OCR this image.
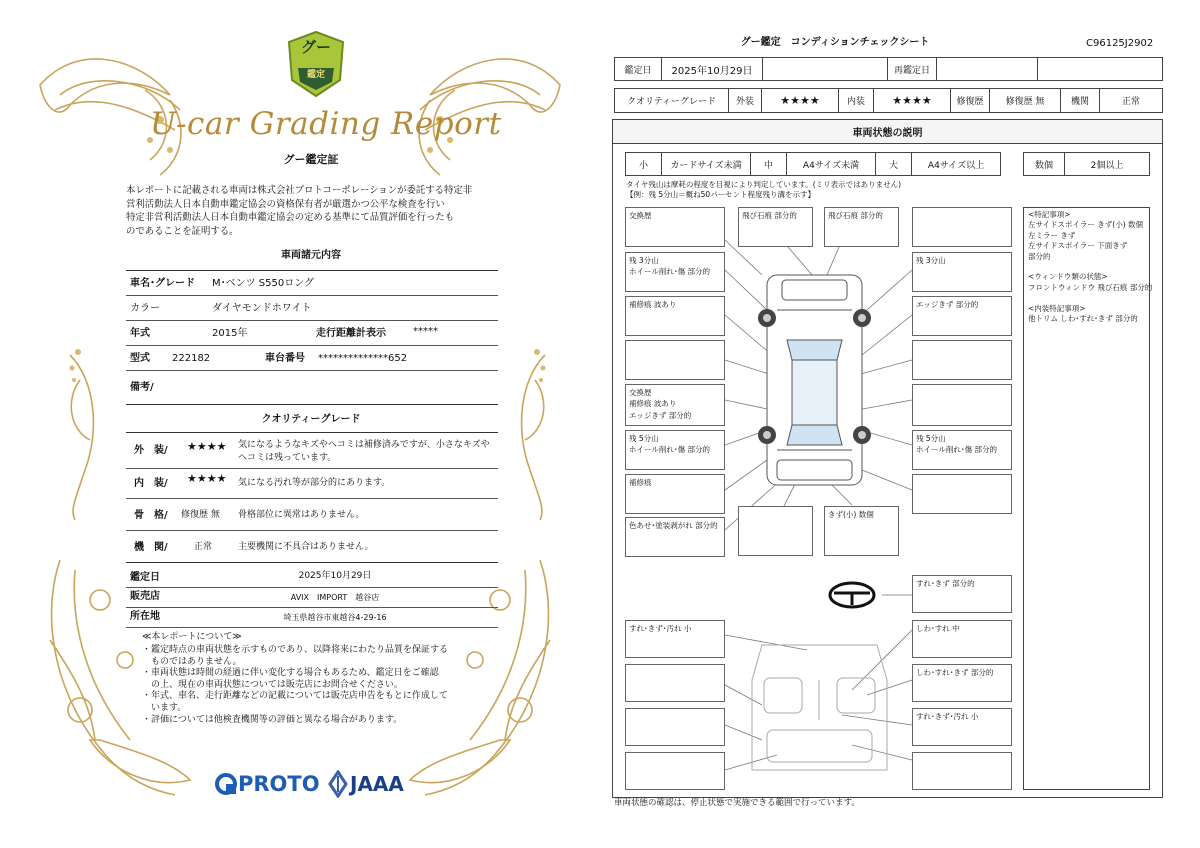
グー
鑑定
U-car Grading Report
グー鑑定証
本レポートに記載される車両は株式会社プロトコーポレーションが委託する特定非
営利活動法人日本自動車鑑定協会の資格保有者が厳選かつ公平な検査を行い
特定非営利活動法人日本自動車鑑定協会の定める基準にて品質評価を行ったも
のであることを証明する。
車両諸元内容
車名･グレード M･ベンツ S550ロング
カラー	ダイヤモンドホワイト
年式	2015年	走行距離計表示	*****
型式 222182	車台番号 **************652
備考/
クオリティーグレード
外　装/ ★★★★ 気になるようなキズやヘコミは補修済みですが、小さなキズや
ヘコミは残っています。
内　装/ ★★★★ 気になる汚れ等が部分的にあります。
骨　格/ 修復歴 無 骨格部位に異常はありません。
機　関/	正常	主要機関に不具合はありません。
鑑定日	2025年10月29日
販売店	AVIX　IMPORT　越谷店
所在地	埼玉県越谷市東越谷4-29-16
≪本レポートについて≫
・鑑定時点の車両状態を示すものであり、以降将来にわたり品質を保証する
　ものではありません。
・車両状態は時間の経過に伴い変化する場合もあるため、鑑定日をご確認
　の上、現在の車両状態については販売店にお問合せください。
・年式、車名、走行距離などの記載については販売店申告をもとに作成して
　います。
・評価については他検査機関等の評価と異なる場合があります。
PROTO JAAA
グー鑑定　コンディションチェックシート	C96125J2902
鑑定日	2025年10月29日	再鑑定日
クオリティーグレード	外装	★★★★	内装	★★★★	修復歴	修復歴 無	機関	正常
車両状態の説明
小	カードサイズ未満	中	A4サイズ未満	大	A4サイズ以上	数個	2個以上
タイヤ残山は摩耗の程度を目視により判定しています。(ミリ表示ではありません)
【例：残 5分山＝概ね50パーセント程度残り溝を示す】
<特記事項>
左サイドスポイラー きず(小) 数個
左ミラー きず
左サイドスポイラー 下面きず
部分的

<ウィンドウ類の状態>
フロントウィンドウ 飛び石痕 部分的

<内装特記事項>
他トリム しわ･すれ･きず 部分的
交換歴
残 3分山
ホイール削れ･傷 部分的
補修痕 波あり
交換歴
補修痕 波あり
エッジきず 部分的
残 5分山
ホイール削れ･傷 部分的
補修痕
色あせ･塗装剥がれ 部分的
飛び石痕 部分的	飛び石痕 部分的
きず(小) 数個
残 3分山
エッジきず 部分的
残 5分山
ホイール削れ･傷 部分的
すれ･きず 部分的
すれ･きず･汚れ 小	しわ･すれ 中
しわ･すれ･きず 部分的
すれ･きず･汚れ 小
車両状態の確認は、停止状態で実施できる範囲で行っています。
